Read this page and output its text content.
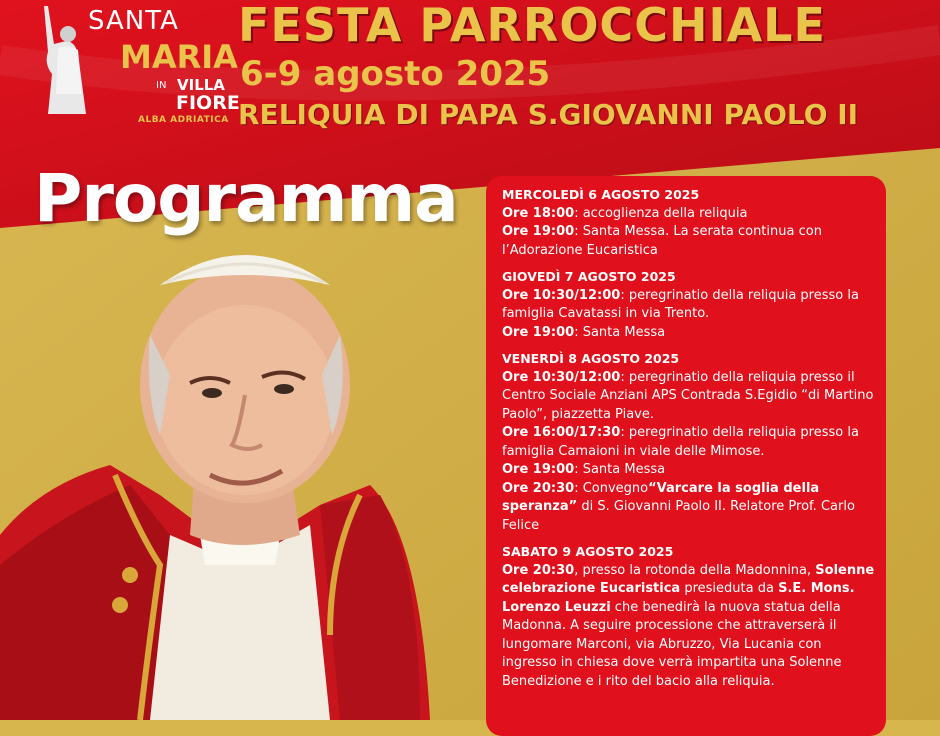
SANTA
MARIA
IN VILLA
FIORE
ALBA ADRIATICA
FESTA PARROCCHIALE
6-9 agosto 2025
RELIQUIA DI PAPA S.GIOVANNI PAOLO II
Programma	MERCOLEDÌ 6 AGOSTO 2025
Ore 18:00: accoglienza della reliquia
Ore 19:00: Santa Messa. La serata continua con l’Adorazione Eucaristica
GIOVEDÌ 7 AGOSTO 2025
Ore 10:30/12:00: peregrinatio della reliquia presso la famiglia Cavatassi in via Trento.
Ore 19:00: Santa Messa
VENERDÌ 8 AGOSTO 2025
Ore 10:30/12:00: peregrinatio della reliquia presso il Centro Sociale Anziani APS Contrada S.Egidio “di Martino Paolo”, piazzetta Piave.
Ore 16:00/17:30: peregrinatio della reliquia presso la famiglia Camaioni in viale delle Mimose.
Ore 19:00: Santa Messa
Ore 20:30: Convegno“Varcare la soglia della speranza” di S. Giovanni Paolo II. Relatore Prof. Carlo Felice
SABATO 9 AGOSTO 2025
Ore 20:30, presso la rotonda della Madonnina, Solenne celebrazione Eucaristica presieduta da S.E. Mons. Lorenzo Leuzzi che benedirà la nuova statua della Madonna. A seguire processione che attraverserà il lungomare Marconi, via Abruzzo, Via Lucania con ingresso in chiesa dove verrà impartita una Solenne Benedizione e i rito del bacio alla reliquia.
